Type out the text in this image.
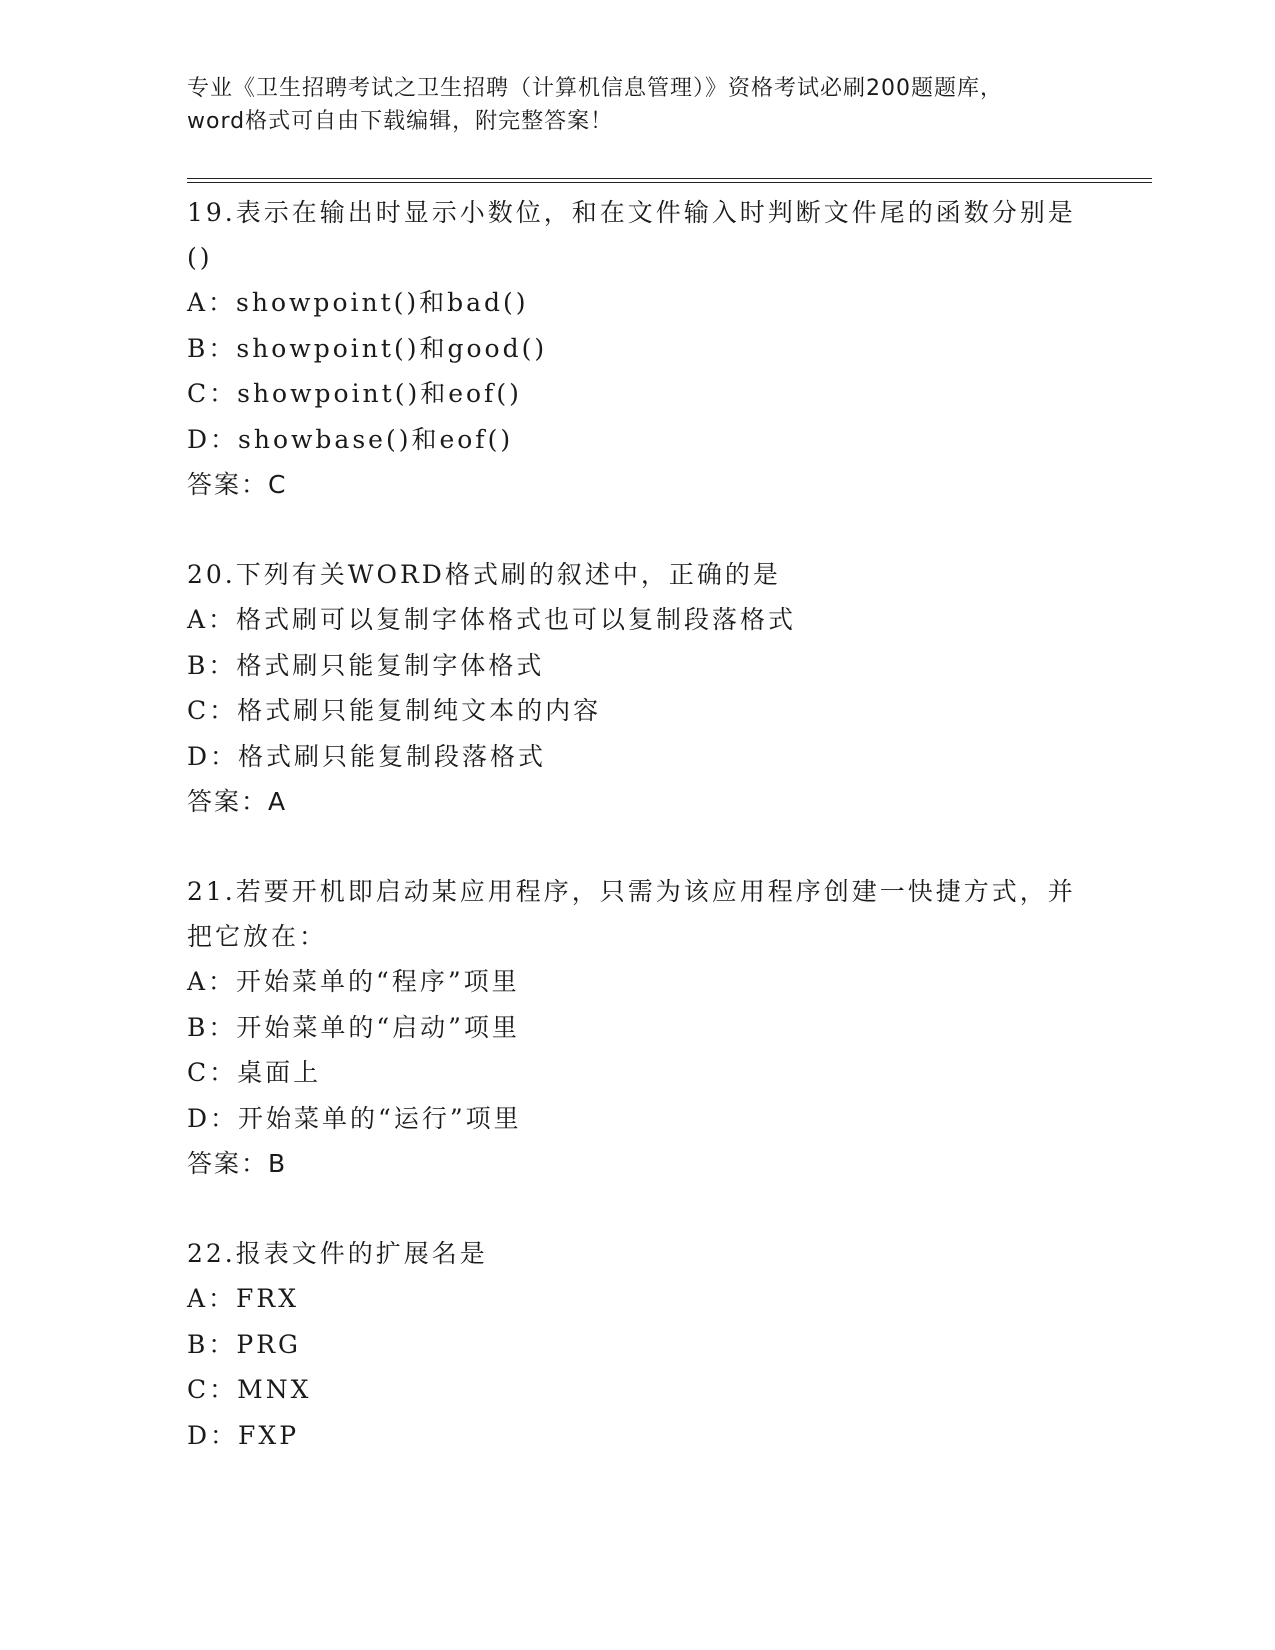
专业《卫生招聘考试之卫生招聘（计算机信息管理）》资格考试必刷200题题库，
word格式可自由下载编辑，附完整答案！

19.表示在输出时显示小数位，和在文件输入时判断文件尾的函数分别是()

A：showpoint()和bad()

B：showpoint()和good()

C：showpoint()和eof()

D：showbase()和eof()

答案：C

20.下列有关WORD格式刷的叙述中，正确的是

A：格式刷可以复制字体格式也可以复制段落格式

B：格式刷只能复制字体格式

C：格式刷只能复制纯文本的内容

D：格式刷只能复制段落格式

答案：A

21.若要开机即启动某应用程序，只需为该应用程序创建一快捷方式，并把它放在：

A：开始菜单的“程序”项里

B：开始菜单的“启动”项里

C：桌面上

D：开始菜单的“运行”项里

答案：B

22.报表文件的扩展名是

A：FRX

B：PRG

C：MNX

D：FXP
